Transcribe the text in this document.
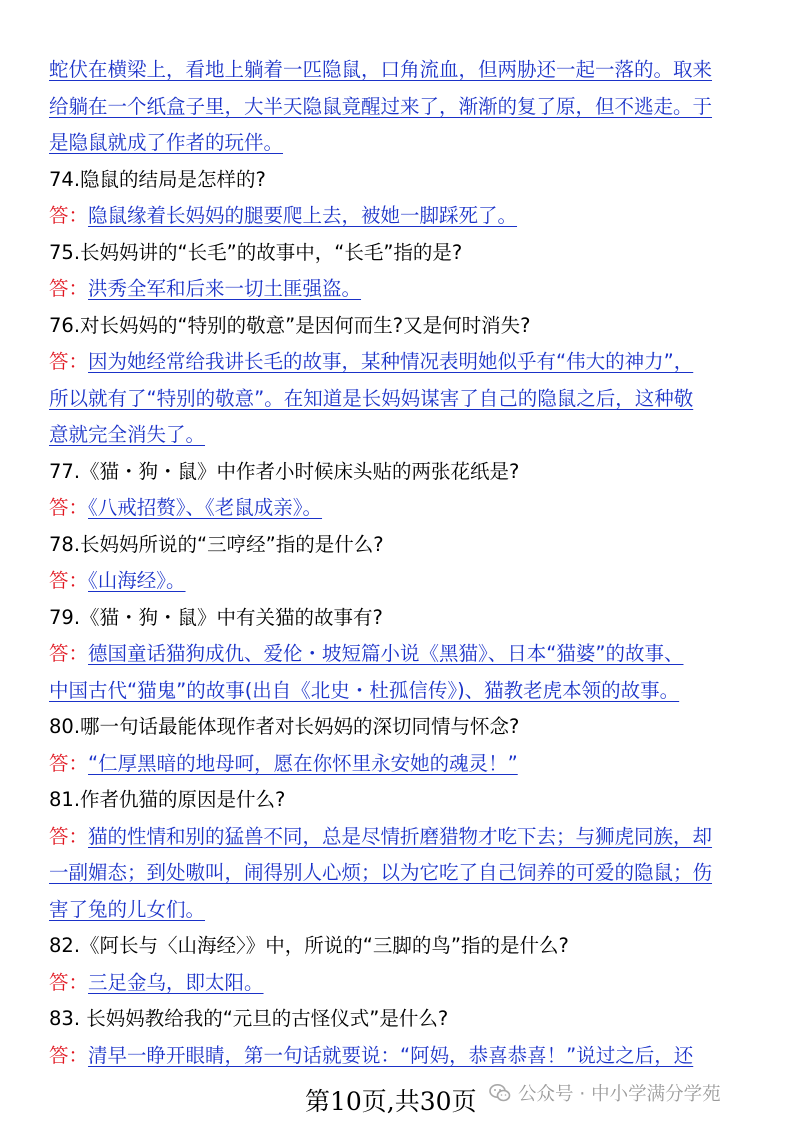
蛇伏在横梁上，看地上躺着一匹隐鼠，口角流血，但两胁还一起一落的。取来
给躺在一个纸盒子里，大半天隐鼠竟醒过来了，渐渐的复了原，但不逃走。于
是隐鼠就成了作者的玩伴。
74.隐鼠的结局是怎样的?
答：隐鼠缘着长妈妈的腿要爬上去，被她一脚踩死了。
75.长妈妈讲的“长毛”的故事中，“长毛”指的是?
答：洪秀全军和后来一切土匪强盗。
76.对长妈妈的“特别的敬意”是因何而生?又是何时消失?
答：因为她经常给我讲长毛的故事，某种情况表明她似乎有“伟大的神力”，
所以就有了“特别的敬意”。在知道是长妈妈谋害了自己的隐鼠之后，这种敬
意就完全消失了。
77.《猫・狗・鼠》中作者小时候床头贴的两张花纸是?
答：《八戒招赘》、《老鼠成亲》。
78.长妈妈所说的“三哼经”指的是什么?
答：《山海经》。
79.《猫・狗・鼠》中有关猫的故事有?
答：德国童话猫狗成仇、爱伦・坡短篇小说《黑猫》、日本“猫婆”的故事、
中国古代“猫鬼”的故事(出自《北史・杜孤信传》)、猫教老虎本领的故事。
80.哪一句话最能体现作者对长妈妈的深切同情与怀念?
答：“仁厚黑暗的地母呵，愿在你怀里永安她的魂灵！”
81.作者仇猫的原因是什么?
答：猫的性情和别的猛兽不同，总是尽情折磨猎物才吃下去；与狮虎同族，却
一副媚态；到处嗷叫，闹得别人心烦；以为它吃了自己饲养的可爱的隐鼠；伤
害了兔的儿女们。
82.《阿长与〈山海经〉》中，所说的“三脚的鸟”指的是什么?
答：三足金乌，即太阳。
83. 长妈妈教给我的“元旦的古怪仪式”是什么?
答：清早一睁开眼睛，第一句话就要说：“阿妈，恭喜恭喜！”说过之后，还
第10页,共30页 公众号 · 中小学满分学苑
